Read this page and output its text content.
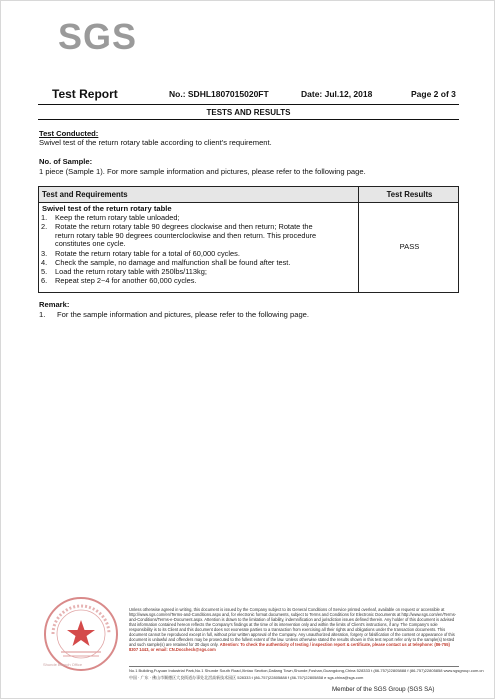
SGS
Test Report	No.: SDHL1807015020FT	Date: Jul.12, 2018	Page 2 of 3
TESTS AND RESULTS
Test Conducted:
Swivel test of the return rotary table according to client's requirement.
No. of Sample:
1 piece (Sample 1). For more sample information and pictures, please refer to the following page.
Test and Requirements	Test Results
Swivel test of the return rotary table
1. Keep the return rotary table unloaded;
2. Rotate the return rotary table 90 degrees clockwise and then return; Rotate the
return rotary table 90 degrees counterclockwise and then return. This procedure
constitutes one cycle.
3. Rotate the return rotary table for a total of 60,000 cycles.
4. Check the sample, no damage and malfunction shall be found after test.
5. Load the return rotary table with 250lbs/113kg;
6. Repeat step 2~4 for another 60,000 cycles.
PASS
Remark:
1. For the sample information and pictures, please refer to the following page.
Shunde Branch Office
Unless otherwise agreed in writing, this document is issued by the Company subject to its General Conditions of Service printed overleaf, available on request or accessible at http://www.sgs.com/en/Terms-and-Conditions.aspx and, for electronic format documents, subject to Terms and Conditions for Electronic Documents at http://www.sgs.com/en/Terms-and-Conditions/Terms-e-Document.aspx. Attention is drawn to the limitation of liability, indemnification and jurisdiction issues defined therein. Any holder of this document is advised that information contained hereon reflects the Company's findings at the time of its intervention only and within the limits of Client's instructions, if any. The Company's sole responsibility is to its Client and this document does not exonerate parties to a transaction from exercising all their rights and obligations under the transaction documents. This document cannot be reproduced except in full, without prior written approval of the Company. Any unauthorized alteration, forgery or falsification of the content or appearance of this document is unlawful and offenders may be prosecuted to the fullest extent of the law. Unless otherwise stated the results shown in this test report refer only to the sample(s) tested and such sample(s) are retained for 30 days only. Attention: To check the authenticity of testing / inspection report & certificate, please contact us at telephone: (86-755) 8307 1443, or email: CN.Doccheck@sgs.com
No.1 Building,Fuyuan Industrial Park,No.1 Shunde South Road,Xintao Section,Daliang Town,Shunde,Foshan,Guangdong,China 528333 t (86-757)22805888 f (86-757)22805858 www.sgsgroup.com.cn
中国 · 广东 · 佛山市顺德区大良街道办事处北滘高新技术园区 528333 t (86-757)22805888 f (86-757)22805858 e sgs.china@sgs.com
Member of the SGS Group (SGS SA)
